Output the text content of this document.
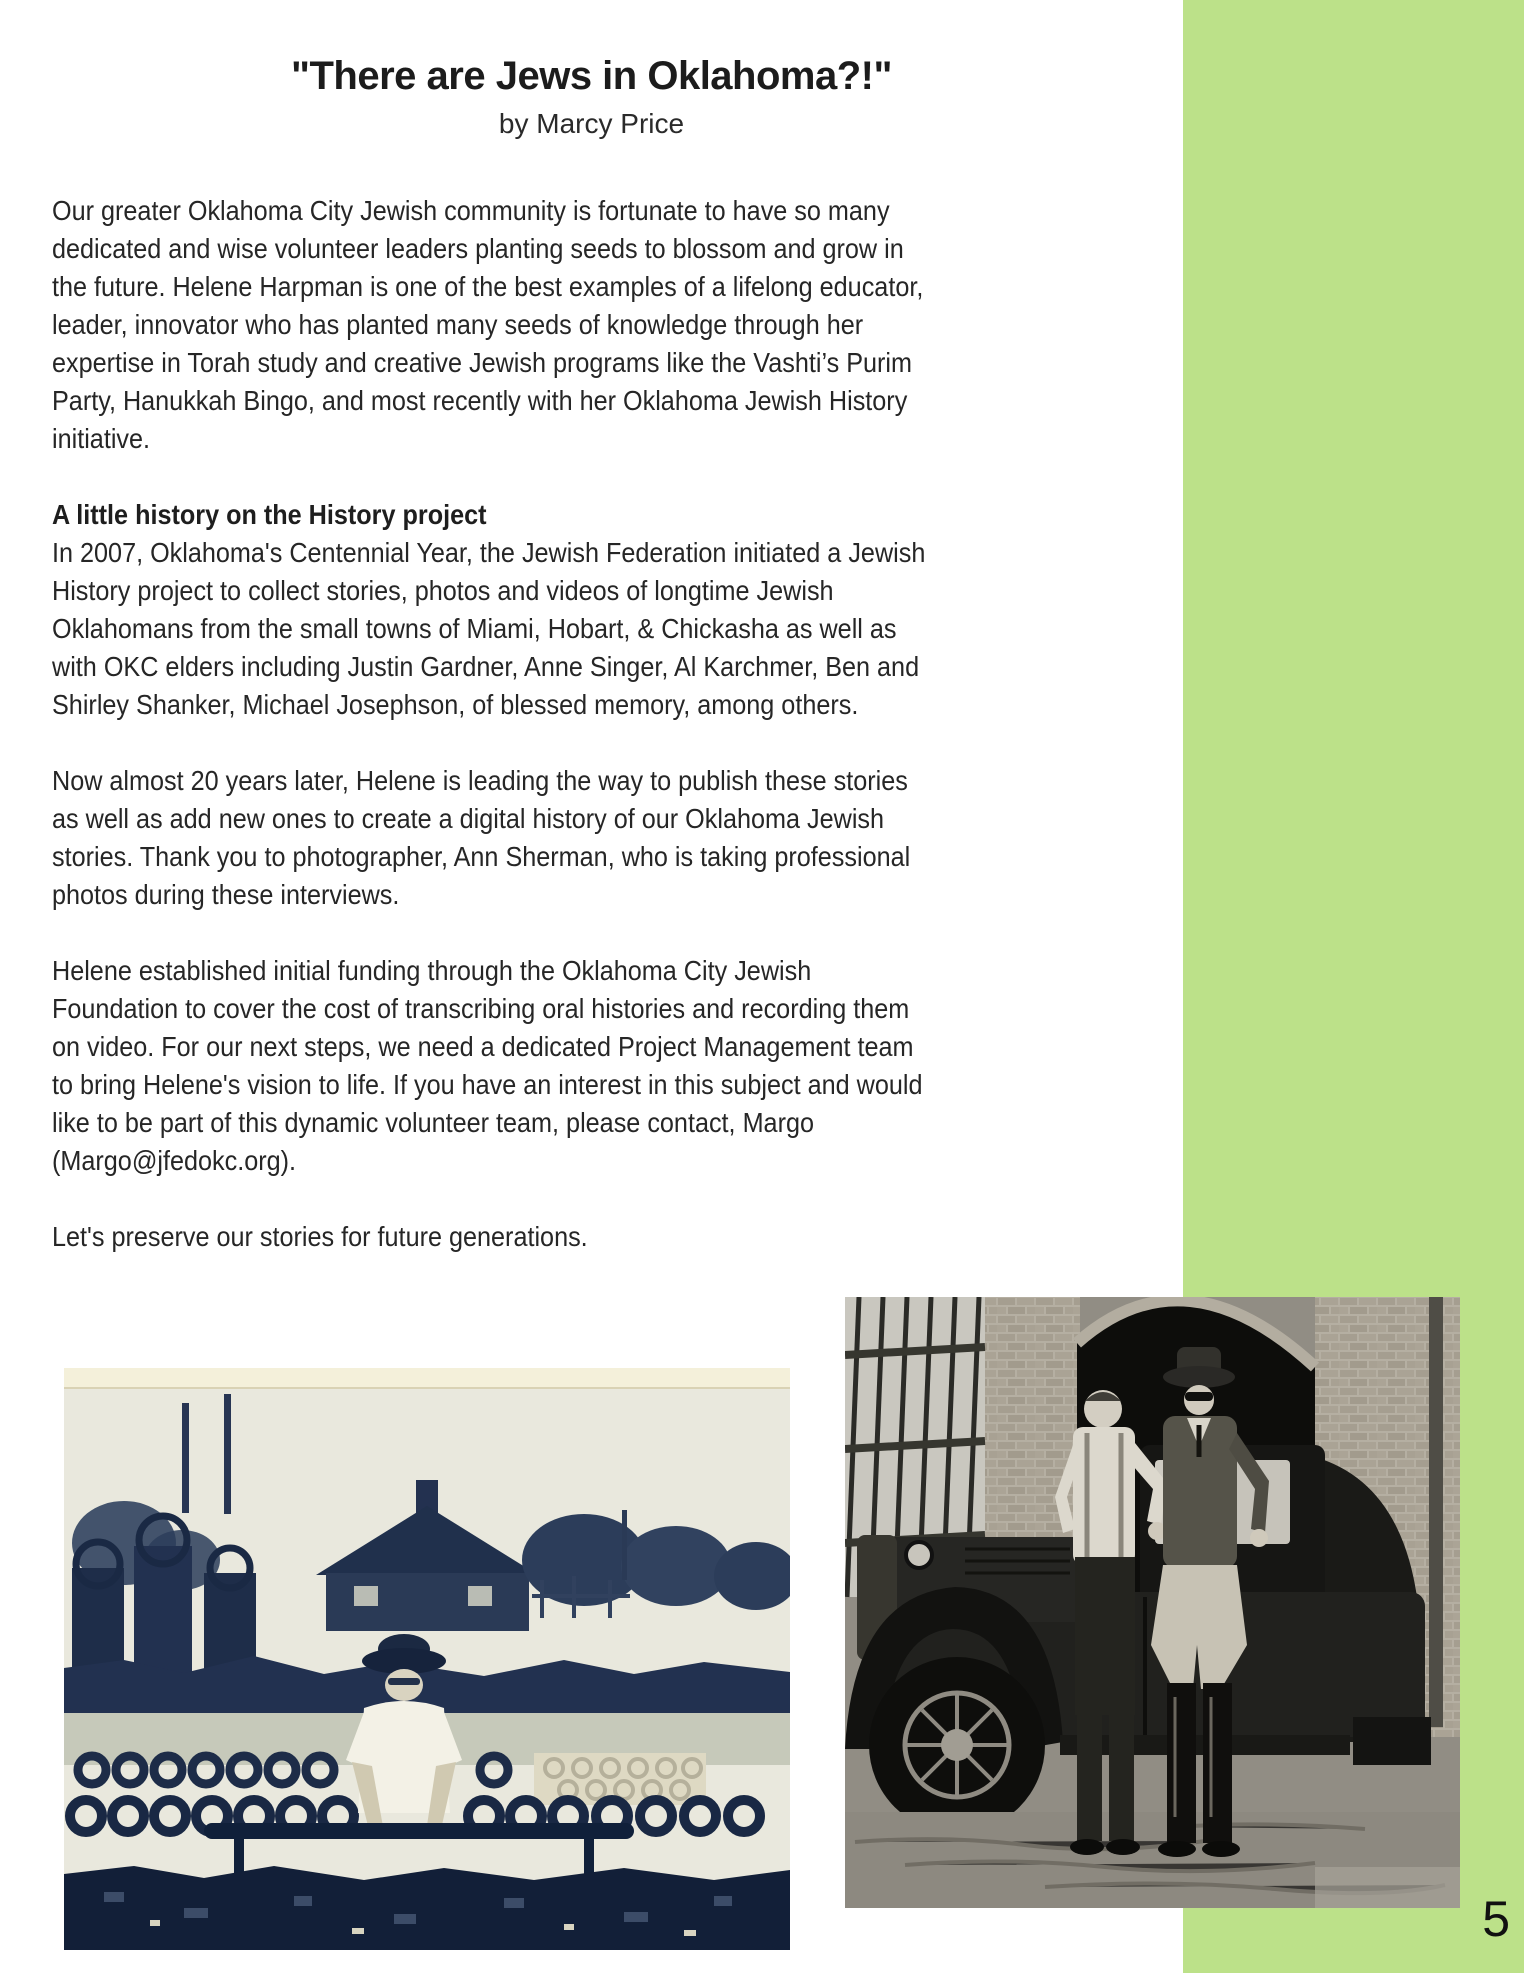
"There are Jews in Oklahoma?!"
by Marcy Price

Our greater Oklahoma City Jewish community is fortunate to have so many dedicated and wise volunteer leaders planting seeds to blossom and grow in the future. Helene Harpman is one of the best examples of a lifelong educator, leader, innovator who has planted many seeds of knowledge through her expertise in Torah study and creative Jewish programs like the Vashti’s Purim Party, Hanukkah Bingo, and most recently with her Oklahoma Jewish History initiative.

A little history on the History project

In 2007, Oklahoma's Centennial Year, the Jewish Federation initiated a Jewish History project to collect stories, photos and videos of longtime Jewish Oklahomans from the small towns of Miami, Hobart, & Chickasha as well as with OKC elders including Justin Gardner, Anne Singer, Al Karchmer, Ben and Shirley Shanker, Michael Josephson, of blessed memory, among others.

Now almost 20 years later, Helene is leading the way to publish these stories as well as add new ones to create a digital history of our Oklahoma Jewish stories. Thank you to photographer, Ann Sherman, who is taking professional photos during these interviews.

Helene established initial funding through the Oklahoma City Jewish Foundation to cover the cost of transcribing oral histories and recording them on video. For our next steps, we need a dedicated Project Management team to bring Helene's vision to life. If you have an interest in this subject and would like to be part of this dynamic volunteer team, please contact, Margo (Margo@jfedokc.org).

Let's preserve our stories for future generations.

5
